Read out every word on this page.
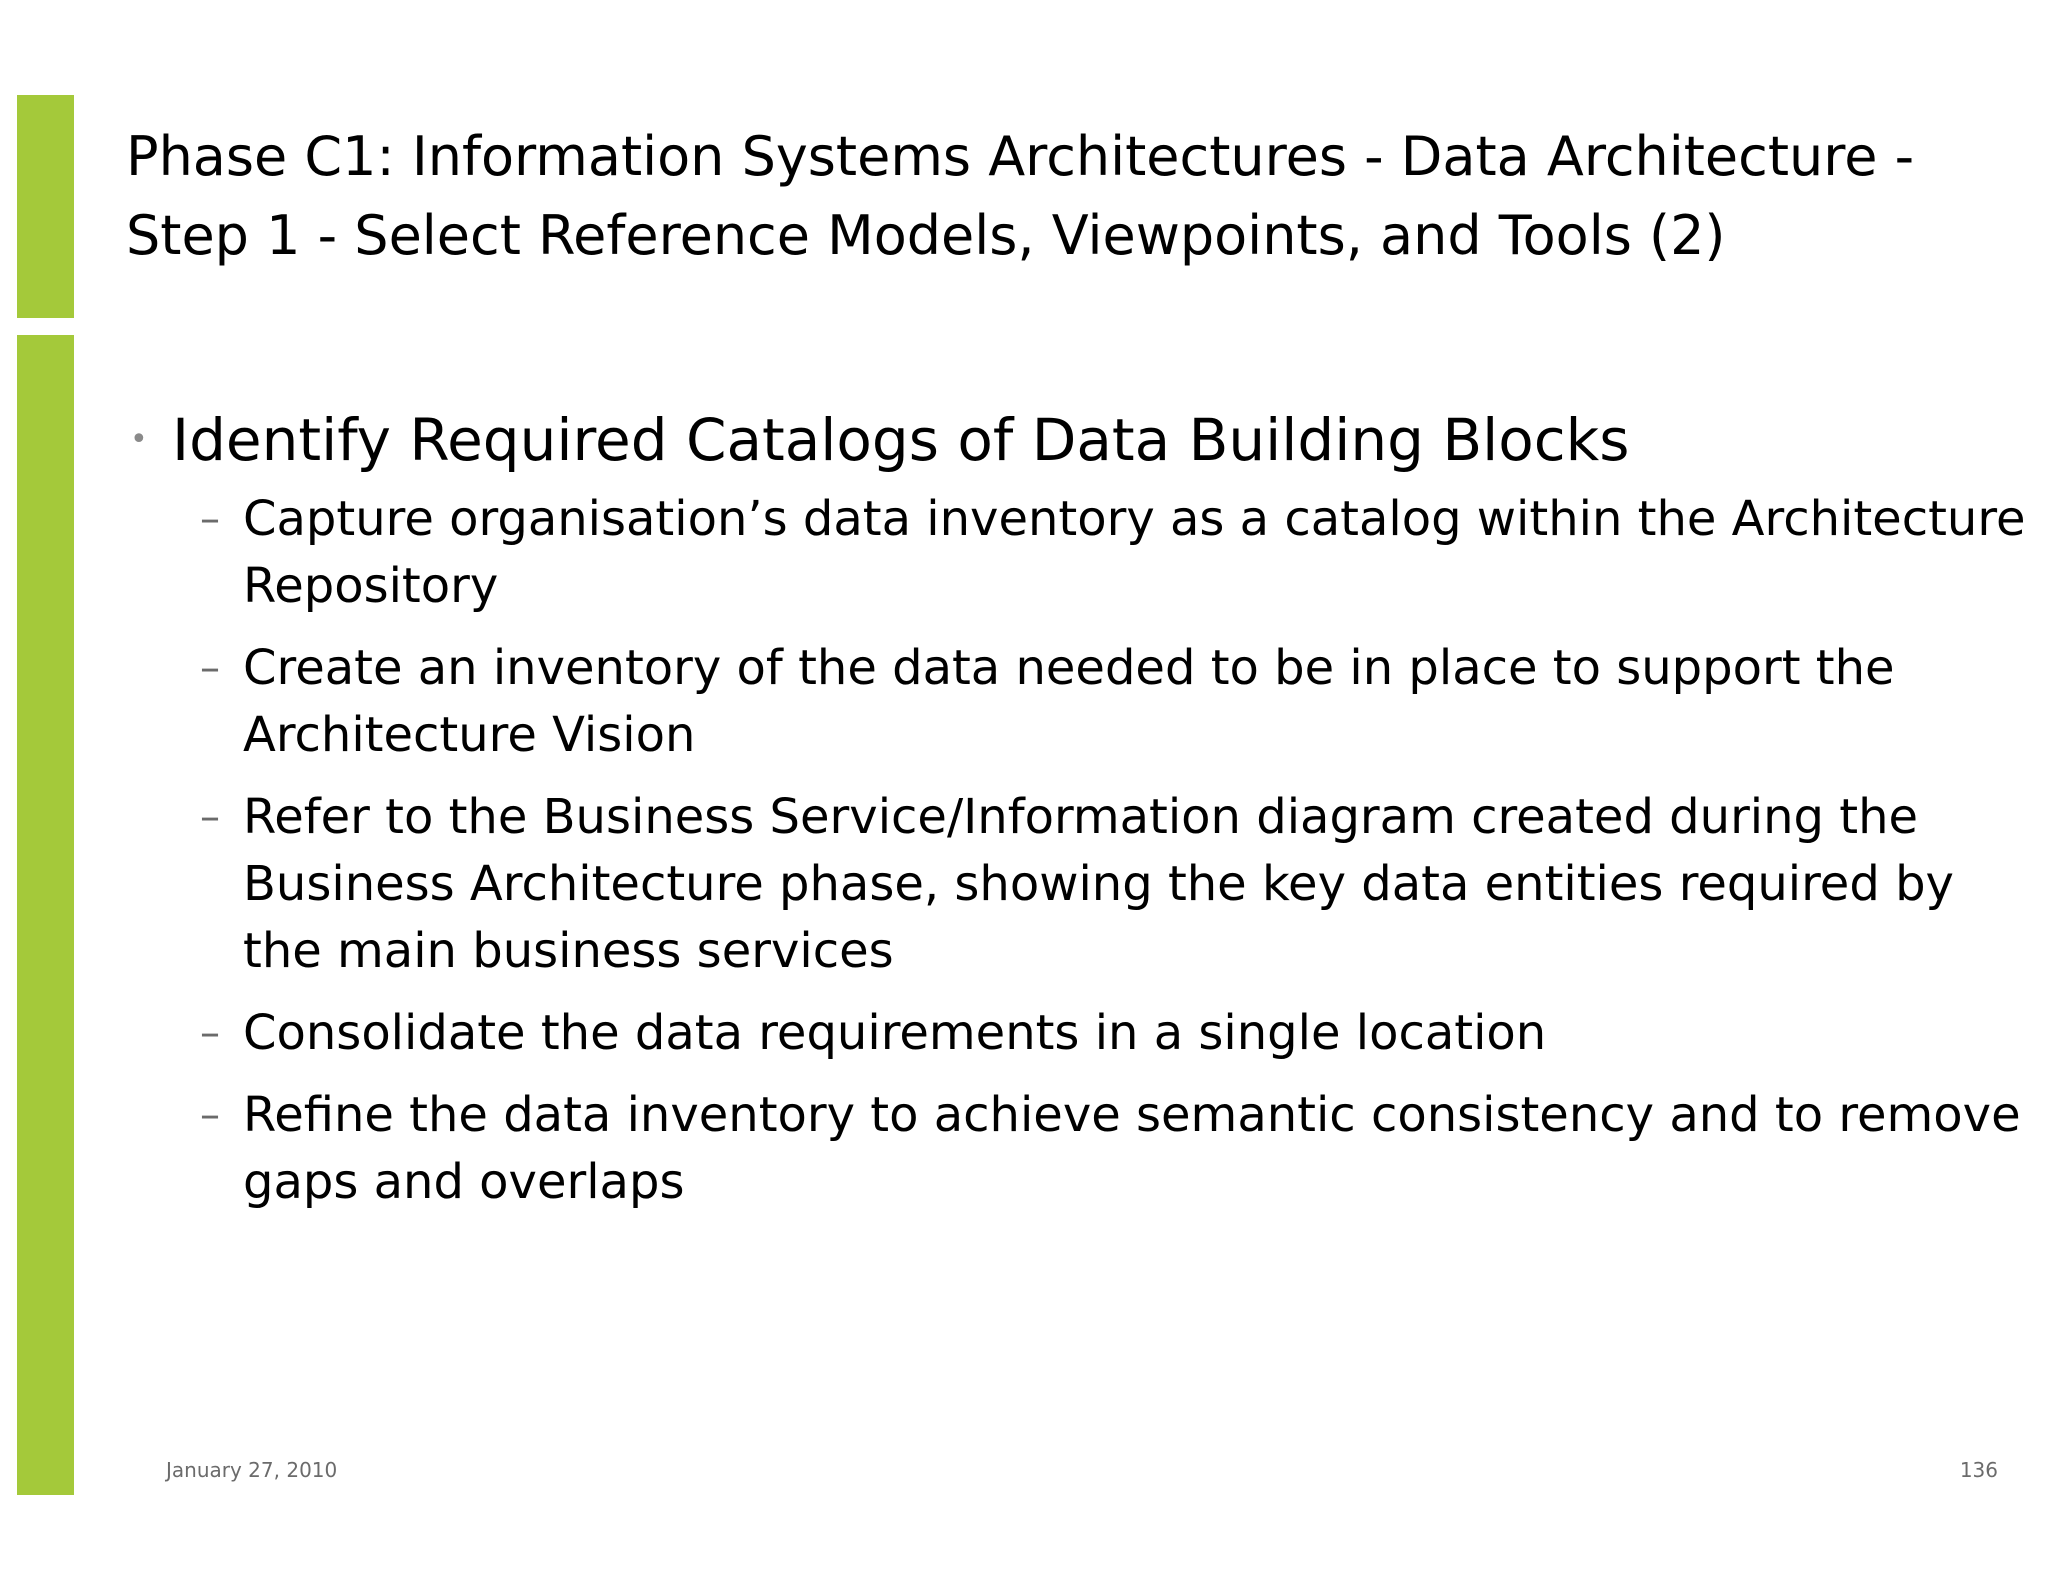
Phase C1: Information Systems Architectures - Data Architecture - Step 1 - Select Reference Models, Viewpoints, and Tools (2)
• Identify Required Catalogs of Data Building Blocks
– Capture organisation’s data inventory as a catalog within the Architecture Repository
– Create an inventory of the data needed to be in place to support the Architecture Vision
– Refer to the Business Service/Information diagram created during the Business Architecture phase, showing the key data entities required by the main business services
– Consolidate the data requirements in a single location
– Refine the data inventory to achieve semantic consistency and to remove gaps and overlaps
January 27, 2010	136
